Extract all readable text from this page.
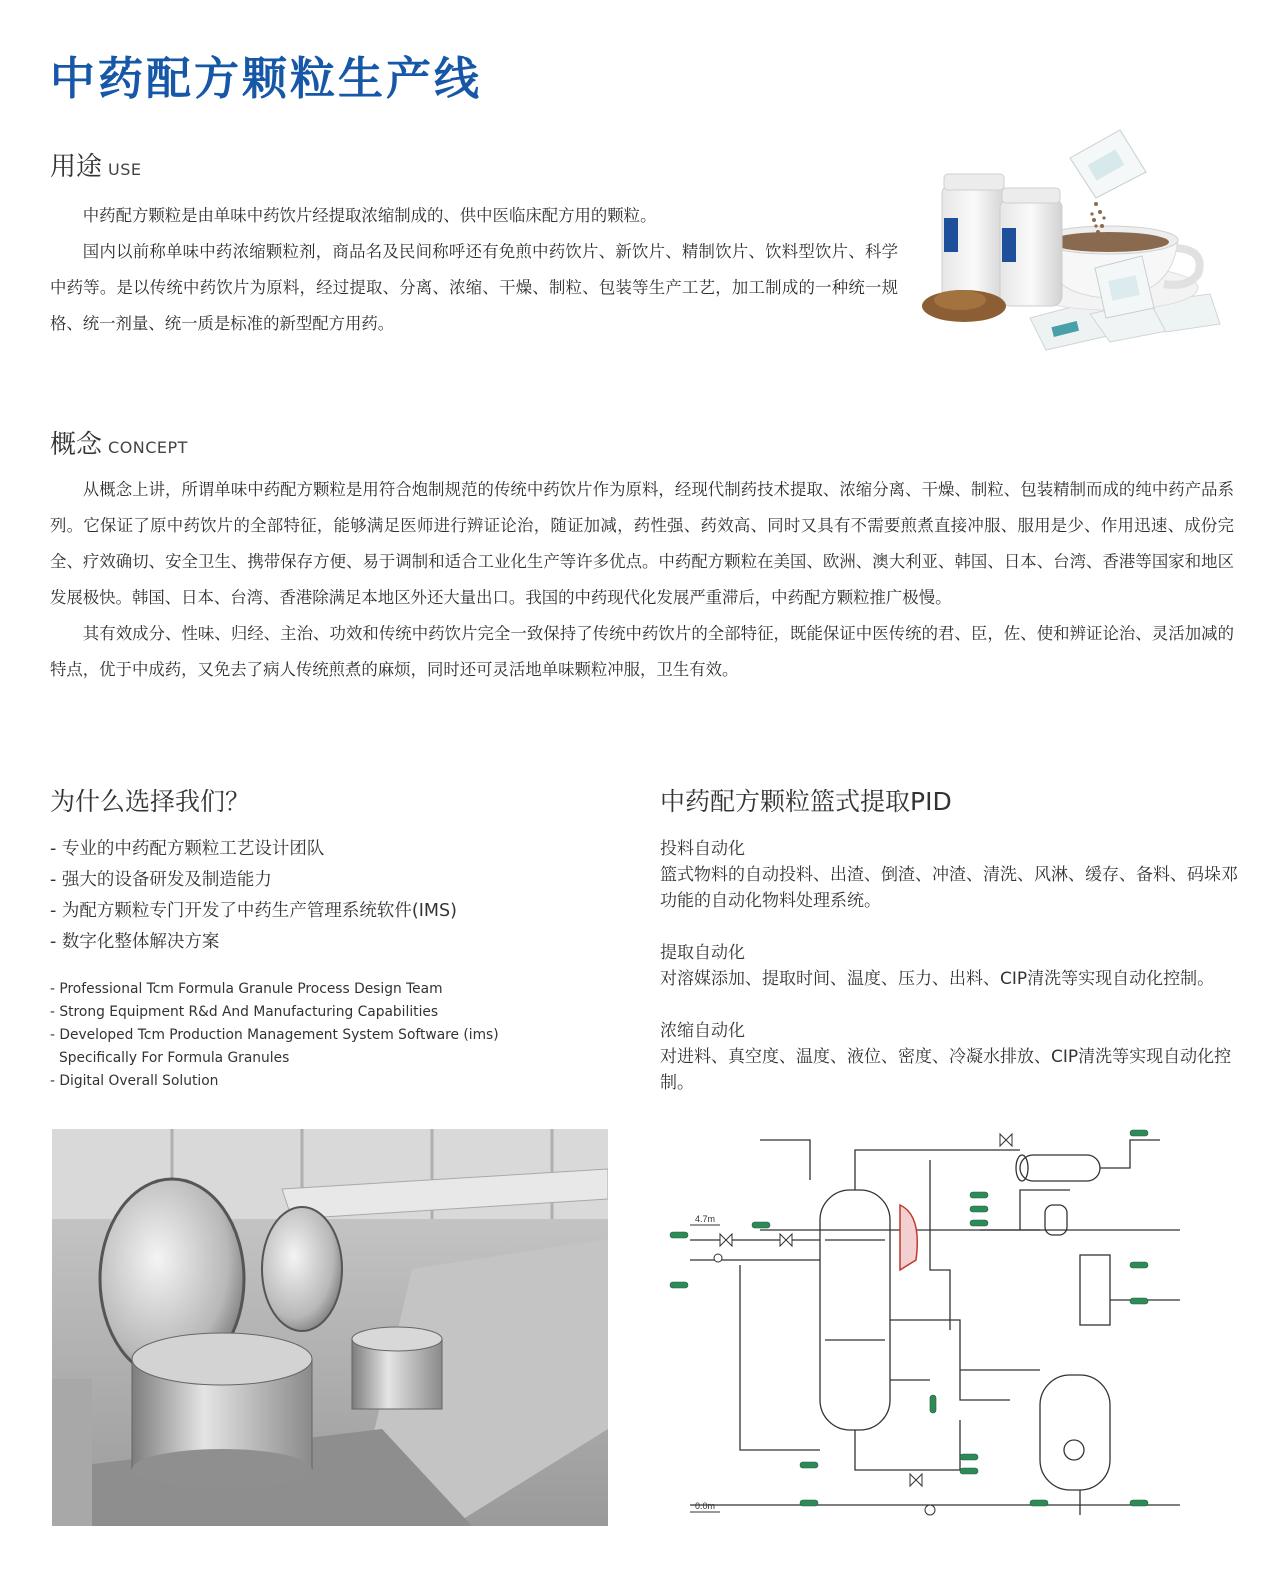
中药配方颗粒生产线
用途 USE

中药配方颗粒是由单味中药饮片经提取浓缩制成的、供中医临床配方用的颗粒。

国内以前称单味中药浓缩颗粒剂，商品名及民间称呼还有免煎中药饮片、新饮片、精制饮片、饮料型饮片、科学中药等。是以传统中药饮片为原料，经过提取、分离、浓缩、干燥、制粒、包装等生产工艺，加工制成的一种统一规格、统一剂量、统一质是标准的新型配方用药。

概念 CONCEPT

从概念上讲，所谓单味中药配方颗粒是用符合炮制规范的传统中药饮片作为原料，经现代制药技术提取、浓缩分离、干燥、制粒、包装精制而成的纯中药产品系列。它保证了原中药饮片的全部特征，能够满足医师进行辨证论治，随证加减，药性强、药效高、同时又具有不需要煎煮直接冲服、服用是少、作用迅速、成份完全、疗效确切、安全卫生、携带保存方便、易于调制和适合工业化生产等许多优点。中药配方颗粒在美国、欧洲、澳大利亚、韩国、日本、台湾、香港等国家和地区发展极快。韩国、日本、台湾、香港除满足本地区外还大量出口。我国的中药现代化发展严重滞后，中药配方颗粒推广极慢。

其有效成分、性味、归经、主治、功效和传统中药饮片完全一致保持了传统中药饮片的全部特征，既能保证中医传统的君、臣，佐、使和辨证论治、灵活加减的特点，优于中成药，又免去了病人传统煎煮的麻烦，同时还可灵活地单味颗粒冲服，卫生有效。

为什么选择我们？
- 专业的中药配方颗粒工艺设计团队
- 强大的设备研发及制造能力
- 为配方颗粒专门开发了中药生产管理系统软件(IMS)
- 数字化整体解决方案
- Professional Tcm Formula Granule Process Design Team
- Strong Equipment R&d And Manufacturing Capabilities
- Developed Tcm Production Management System Software (ims)
Specifically For Formula Granules
- Digital Overall Solution
中药配方颗粒篮式提取PID
投料自动化

篮式物料的自动投料、出渣、倒渣、冲渣、清洗、风淋、缓存、备料、码垛邓功能的自动化物料处理系统。

提取自动化

对溶媒添加、提取时间、温度、压力、出料、CIP清洗等实现自动化控制。

浓缩自动化

对进料、真空度、温度、液位、密度、冷凝水排放、CIP清洗等实现自动化控制。

4.7m
0.0m
